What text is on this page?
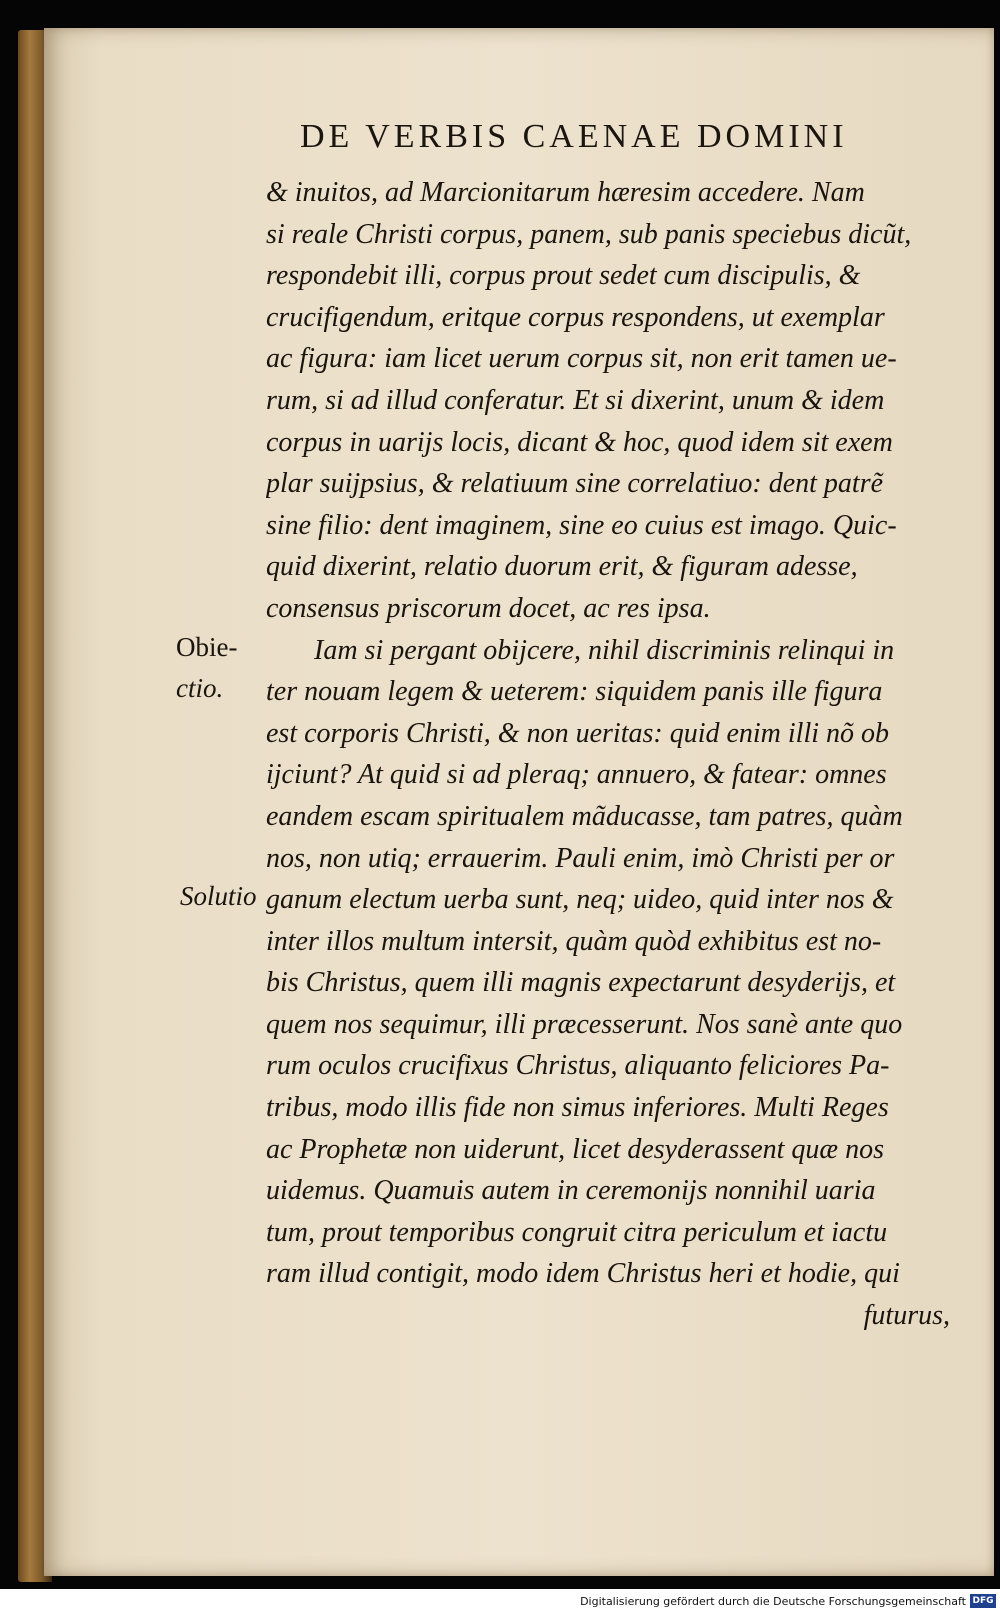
DE VERBIS CAENAE DOMINI
Obie-
ctio.
Solutio
& inuitos, ad Marcionitarum hæresim accedere. Nam
si reale Christi corpus, panem, sub panis speciebus dicũt,
respondebit illi, corpus prout sedet cum discipulis, &
crucifigendum, eritque corpus respondens, ut exemplar
ac figura: iam licet uerum corpus sit, non erit tamen ue-
rum, si ad illud conferatur. Et si dixerint, unum & idem
corpus in uarijs locis, dicant & hoc, quod idem sit exem
plar suijpsius, & relatiuum sine correlatiuo: dent patrẽ
sine filio: dent imaginem, sine eo cuius est imago. Quic-
quid dixerint, relatio duorum erit, & figuram adesse,
consensus priscorum docet, ac res ipsa.
Iam si pergant obijcere, nihil discriminis relinqui in
ter nouam legem & ueterem: siquidem panis ille figura
est corporis Christi, & non ueritas: quid enim illi nõ ob
ijciunt? At quid si ad pleraq; annuero, & fatear: omnes
eandem escam spiritualem mãducasse, tam patres, quàm
nos, non utiq; errauerim. Pauli enim, imò Christi per or
ganum electum uerba sunt, neq; uideo, quid inter nos &
inter illos multum intersit, quàm quòd exhibitus est no-
bis Christus, quem illi magnis expectarunt desyderijs, et
quem nos sequimur, illi præcesserunt. Nos sanè ante quo
rum oculos crucifixus Christus, aliquanto feliciores Pa-
tribus, modo illis fide non simus inferiores. Multi Reges
ac Prophetæ non uiderunt, licet desyderassent quæ nos
uidemus. Quamuis autem in ceremonijs nonnihil uaria
tum, prout temporibus congruit citra periculum et iactu
ram illud contigit, modo idem Christus heri et hodie, qui
futurus,
Digitalisierung gefördert durch die Deutsche Forschungsgemeinschaft DFG
